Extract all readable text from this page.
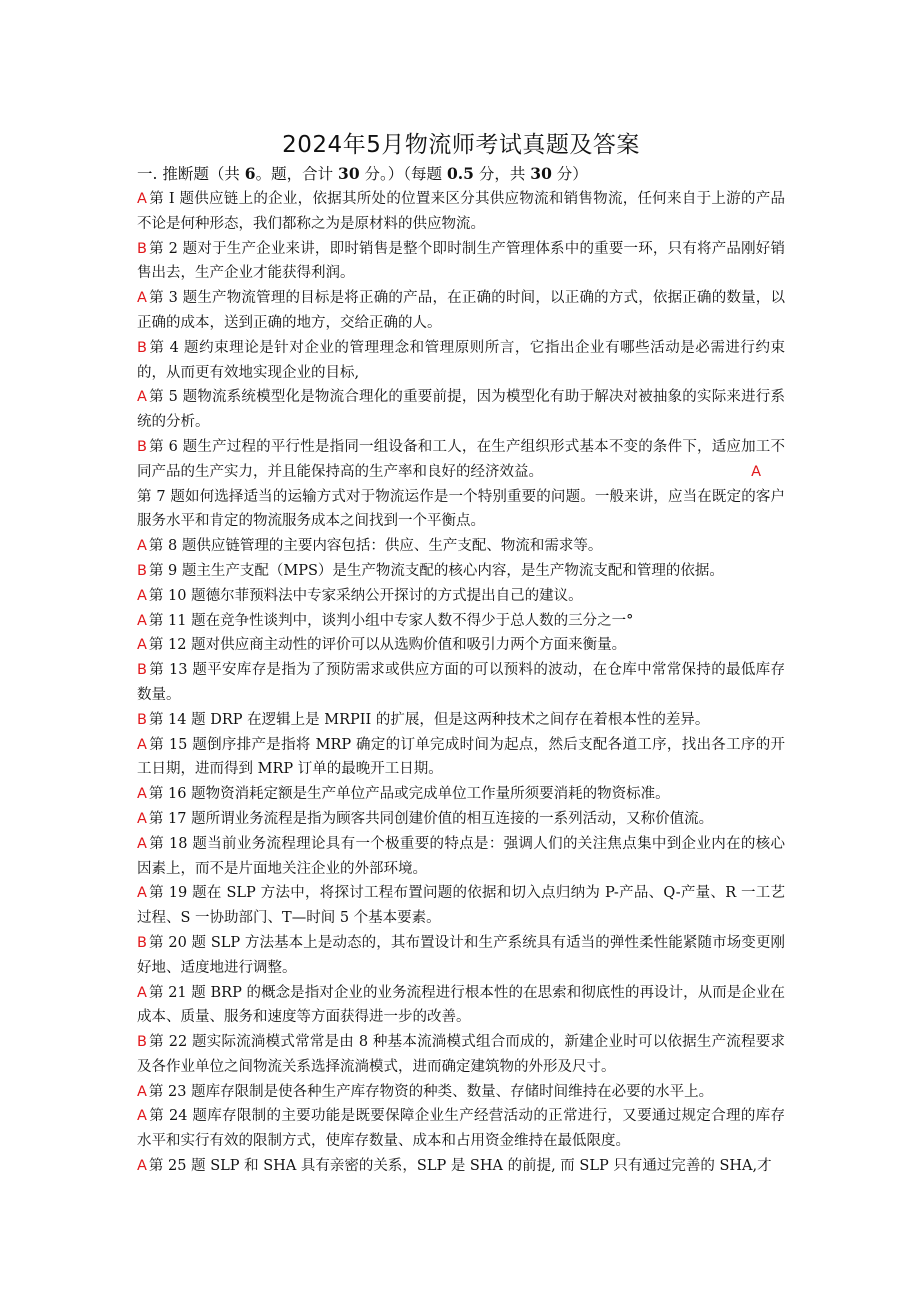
2024年5月物流师考试真题及答案

一. 推断题（共 6。题，合计 30 分。）（每题 0.5 分，共 30 分）

A 第 I 题供应链上的企业，依据其所处的位置来区分其供应物流和销售物流，任何来自于上游的产品不论是何种形态，我们都称之为是原材料的供应物流。
B 第 2 题对于生产企业来讲，即时销售是整个即时制生产管理体系中的重要一环，只有将产品刚好销售出去，生产企业才能获得利润。
A 第 3 题生产物流管理的目标是将正确的产品，在正确的时间，以正确的方式，依据正确的数量，以正确的成本，送到正确的地方，交给正确的人。
B 第 4 题约束理论是针对企业的管理理念和管理原则所言，它指出企业有哪些活动是必需进行约束的，从而更有效地实现企业的目标,
A 第 5 题物流系统模型化是物流合理化的重要前提，因为模型化有助于解决对被抽象的实际来进行系统的分析。
B 第 6 题生产过程的平行性是指同一组设备和工人，在生产组织形式基本不变的条件下，适应加工不同产品的生产实力，并且能保持高的生产率和良好的经济效益。	A
第 7 题如何选择适当的运输方式对于物流运作是一个特别重要的问题。一般来讲，应当在既定的客户服务水平和肯定的物流服务成本之间找到一个平衡点。
A 第 8 题供应链管理的主要内容包括：供应、生产支配、物流和需求等。
B 第 9 题主生产支配（MPS）是生产物流支配的核心内容，是生产物流支配和管理的依据。
A 第 10 题德尔菲预料法中专家采纳公开探讨的方式提出自己的建议。
A 第 11 题在竞争性谈判中，谈判小组中专家人数不得少于总人数的三分之一°
A 第 12 题对供应商主动性的评价可以从选购价值和吸引力两个方面来衡量。
B 第 13 题平安库存是指为了预防需求或供应方面的可以预料的波动，在仓库中常常保持的最低库存数量。
B 第 14 题 DRP 在逻辑上是 MRPII 的扩展，但是这两种技术之间存在着根本性的差异。
A 第 15 题倒序排产是指将 MRP 确定的订单完成时间为起点，然后支配各道工序，找出各工序的开工日期，进而得到 MRP 订单的最晚开工日期。
A 第 16 题物资消耗定额是生产单位产品或完成单位工作量所须要消耗的物资标准。
A 第 17 题所谓业务流程是指为顾客共同创建价值的相互连接的一系列活动，又称价值流。
A 第 18 题当前业务流程理论具有一个极重要的特点是：强调人们的关注焦点集中到企业内在的核心因素上，而不是片面地关注企业的外部环境。
A 第 19 题在 SLP 方法中，将探讨工程布置问题的依据和切入点归纳为 P-产品、Q-产量、R 一工艺过程、S 一协助部门、T—时间 5 个基本要素。
B 第 20 题 SLP 方法基本上是动态的，其布置设计和生产系统具有适当的弹性柔性能紧随市场变更刚好地、适度地进行调整。
A 第 21 题 BRP 的概念是指对企业的业务流程进行根本性的在思索和彻底性的再设计，从而是企业在成本、质量、服务和速度等方面获得进一步的改善。
B 第 22 题实际流淌模式常常是由 8 种基本流淌模式组合而成的，新建企业时可以依据生产流程要求及各作业单位之间物流关系选择流淌模式，进而确定建筑物的外形及尺寸。
A 第 23 题库存限制是使各种生产库存物资的种类、数量、存储时间维持在必要的水平上。
A 第 24 题库存限制的主要功能是既要保障企业生产经营活动的正常进行，又要通过规定合理的库存水平和实行有效的限制方式，使库存数量、成本和占用资金维持在最低限度。
A 第 25 题 SLP 和 SHA 具有亲密的关系，SLP 是 SHA 的前提, 而 SLP 只有通过完善的 SHA,才
